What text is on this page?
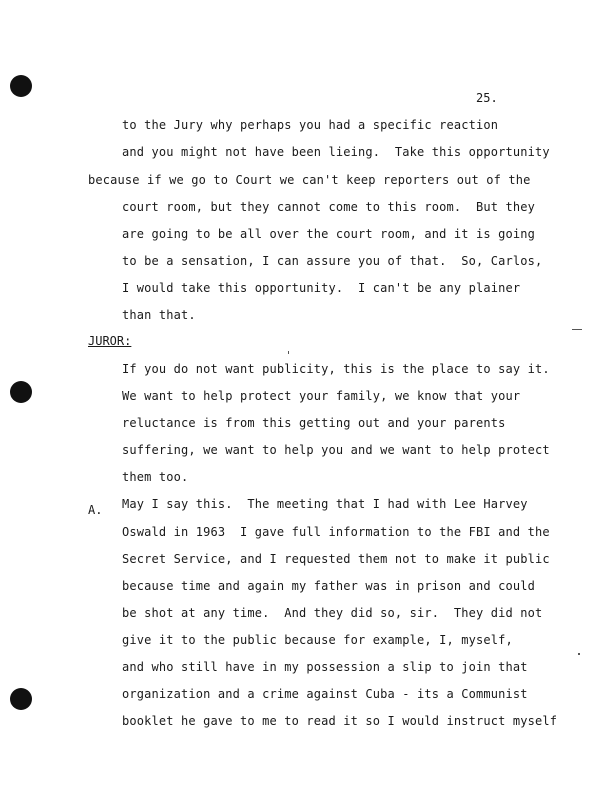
25.
to the Jury why perhaps you had a specific reaction
and you might not have been lieing.  Take this opportunity
because if we go to Court we can't keep reporters out of the
court room, but they cannot come to this room.  But they
are going to be all over the court room, and it is going
to be a sensation, I can assure you of that.  So, Carlos,
I would take this opportunity.  I can't be any plainer
than that.
JUROR:
If you do not want publicity, this is the place to say it.
We want to help protect your family, we know that your
reluctance is from this getting out and your parents
suffering, we want to help you and we want to help protect
them too.
A. May I say this.  The meeting that I had with Lee Harvey
Oswald in 1963  I gave full information to the FBI and the
Secret Service, and I requested them not to make it public
because time and again my father was in prison and could
be shot at any time.  And they did so, sir.  They did not
give it to the public because for example, I, myself,
and who still have in my possession a slip to join that
organization and a crime against Cuba - its a Communist
booklet he gave to me to read it so I would instruct myself
